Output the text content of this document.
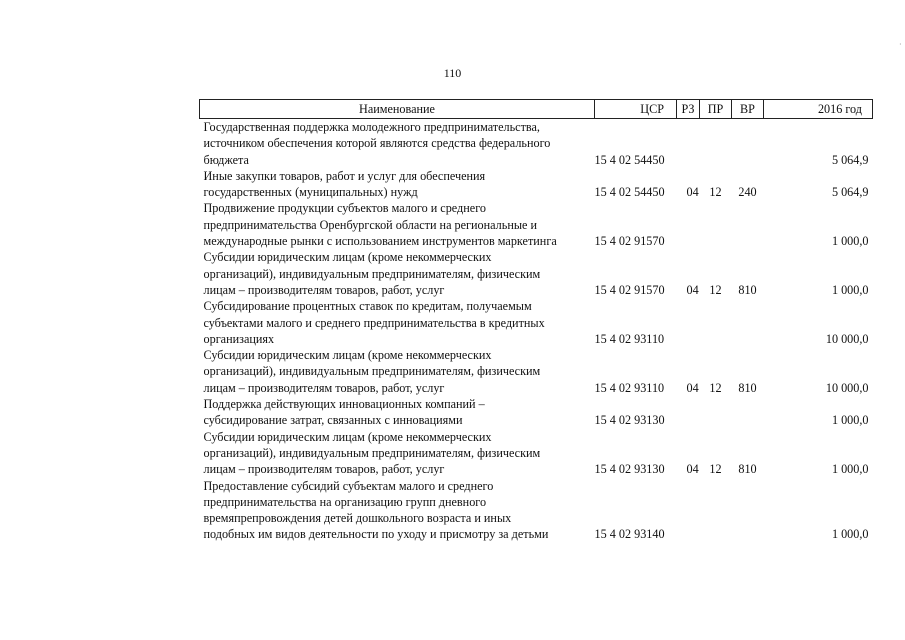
110
·
Наименование	ЦСР	РЗ	ПР	ВР	2016 год
Государственная поддержка молодежного предпринимательства,
источником обеспечения которой являются средства федерального
бюджета	15 4 02 54450				5 064,9
Иные закупки товаров, работ и услуг для обеспечения
государственных (муниципальных) нужд	15 4 02 54450	04	12	240	5 064,9
Продвижение продукции субъектов малого и среднего
предпринимательства Оренбургской области на региональные и
международные рынки с использованием инструментов маркетинга	15 4 02 91570				1 000,0
Субсидии юридическим лицам (кроме некоммерческих
организаций), индивидуальным предпринимателям, физическим
лицам – производителям товаров, работ, услуг	15 4 02 91570	04	12	810	1 000,0
Субсидирование процентных ставок по кредитам, получаемым
субъектами малого и среднего предпринимательства в кредитных
организациях	15 4 02 93110				10 000,0
Субсидии юридическим лицам (кроме некоммерческих
организаций), индивидуальным предпринимателям, физическим
лицам – производителям товаров, работ, услуг	15 4 02 93110	04	12	810	10 000,0
Поддержка действующих инновационных компаний –
субсидирование затрат, связанных с инновациями	15 4 02 93130				1 000,0
Субсидии юридическим лицам (кроме некоммерческих
организаций), индивидуальным предпринимателям, физическим
лицам – производителям товаров, работ, услуг	15 4 02 93130	04	12	810	1 000,0
Предоставление субсидий субъектам малого и среднего
предпринимательства на организацию групп дневного
времяпрепровождения детей дошкольного возраста и иных
подобных им видов деятельности по уходу и присмотру за детьми	15 4 02 93140				1 000,0
